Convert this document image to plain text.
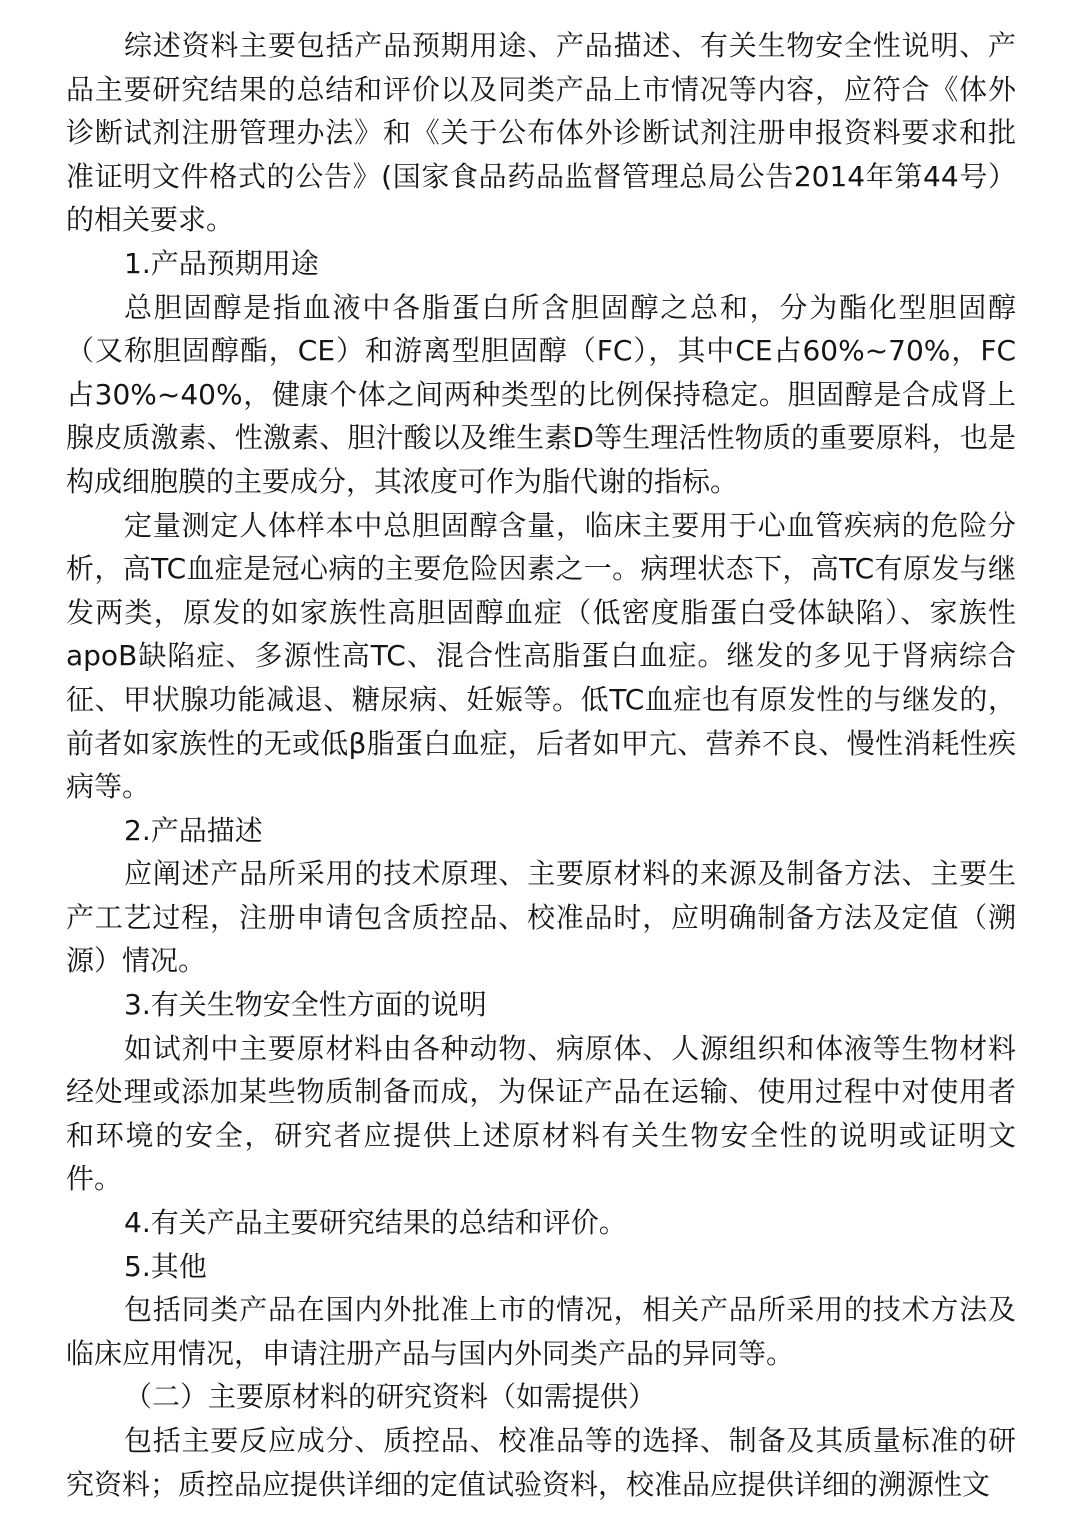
综述资料主要包括产品预期用途、产品描述、有关生物安全性说明、产品主要研究结果的总结和评价以及同类产品上市情况等内容，应符合《体外诊断试剂注册管理办法》和《关于公布体外诊断试剂注册申报资料要求和批准证明文件格式的公告》(国家食品药品监督管理总局公告2014年第44号）的相关要求。

1.产品预期用途

总胆固醇是指血液中各脂蛋白所含胆固醇之总和，分为酯化型胆固醇（又称胆固醇酯，CE）和游离型胆固醇（FC），其中CE占60%~70%，FC占30%~40%，健康个体之间两种类型的比例保持稳定。胆固醇是合成肾上腺皮质激素、性激素、胆汁酸以及维生素D等生理活性物质的重要原料，也是构成细胞膜的主要成分，其浓度可作为脂代谢的指标。

定量测定人体样本中总胆固醇含量，临床主要用于心血管疾病的危险分析，高TC血症是冠心病的主要危险因素之一。病理状态下，高TC有原发与继发两类，原发的如家族性高胆固醇血症（低密度脂蛋白受体缺陷）、家族性apoB缺陷症、多源性高TC、混合性高脂蛋白血症。继发的多见于肾病综合征、甲状腺功能减退、糖尿病、妊娠等。低TC血症也有原发性的与继发的，前者如家族性的无或低β脂蛋白血症，后者如甲亢、营养不良、慢性消耗性疾病等。

2.产品描述

应阐述产品所采用的技术原理、主要原材料的来源及制备方法、主要生产工艺过程，注册申请包含质控品、校准品时，应明确制备方法及定值（溯源）情况。

3.有关生物安全性方面的说明

如试剂中主要原材料由各种动物、病原体、人源组织和体液等生物材料经处理或添加某些物质制备而成，为保证产品在运输、使用过程中对使用者和环境的安全，研究者应提供上述原材料有关生物安全性的说明或证明文件。

4.有关产品主要研究结果的总结和评价。

5.其他

包括同类产品在国内外批准上市的情况，相关产品所采用的技术方法及临床应用情况，申请注册产品与国内外同类产品的异同等。

（二）主要原材料的研究资料（如需提供）

包括主要反应成分、质控品、校准品等的选择、制备及其质量标准的研究资料；质控品应提供详细的定值试验资料，校准品应提供详细的溯源性文
